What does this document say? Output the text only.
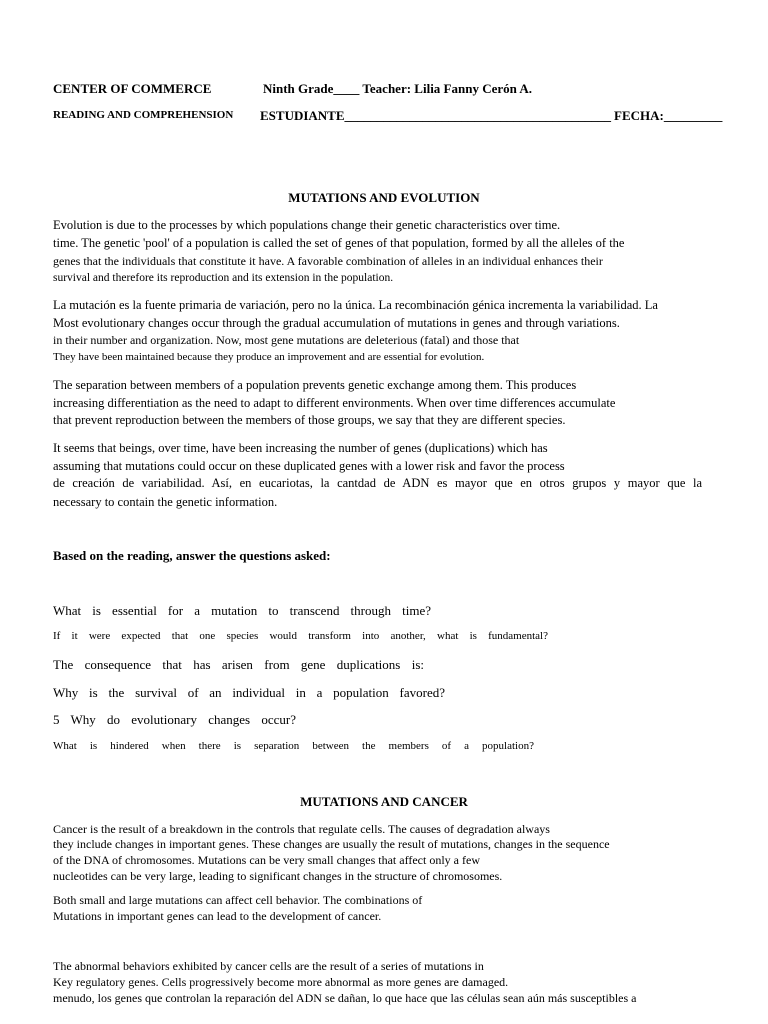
CENTER OF COMMERCE	Ninth Grade____ Teacher: Lilia Fanny Cerón A.
READING AND COMPREHENSION ESTUDIANTE_________________________________________ FECHA:_________
MUTATIONS AND EVOLUTION
Evolution is due to the processes by which populations change their genetic characteristics over time.
time. The genetic 'pool' of a population is called the set of genes of that population, formed by all the alleles of the
genes that the individuals that constitute it have. A favorable combination of alleles in an individual enhances their
survival and therefore its reproduction and its extension in the population.
La mutación es la fuente primaria de variación, pero no la única. La recombinación génica incrementa la variabilidad. La
Most evolutionary changes occur through the gradual accumulation of mutations in genes and through variations.
in their number and organization. Now, most gene mutations are deleterious (fatal) and those that
They have been maintained because they produce an improvement and are essential for evolution.
The separation between members of a population prevents genetic exchange among them. This produces
increasing differentiation as the need to adapt to different environments. When over time differences accumulate
that prevent reproduction between the members of those groups, we say that they are different species.
It seems that beings, over time, have been increasing the number of genes (duplications) which has
assuming that mutations could occur on these duplicated genes with a lower risk and favor the process
de creación de variabilidad. Así, en eucariotas, la cantdad de ADN es mayor que en otros grupos y mayor que la
necessary to contain the genetic information.
Based on the reading, answer the questions asked:
What is essential for a mutation to transcend through time?
If it were expected that one species would transform into another, what is fundamental?
The consequence that has arisen from gene duplications is:
Why is the survival of an individual in a population favored?
5 Why do evolutionary changes occur?
What is hindered when there is separation between the members of a population?
MUTATIONS AND CANCER
Cancer is the result of a breakdown in the controls that regulate cells. The causes of degradation always
they include changes in important genes. These changes are usually the result of mutations, changes in the sequence
of the DNA of chromosomes. Mutations can be very small changes that affect only a few
nucleotides can be very large, leading to significant changes in the structure of chromosomes.
Both small and large mutations can affect cell behavior. The combinations of
Mutations in important genes can lead to the development of cancer.
The abnormal behaviors exhibited by cancer cells are the result of a series of mutations in
Key regulatory genes. Cells progressively become more abnormal as more genes are damaged.
menudo, los genes que controlan la reparación del ADN se dañan, lo que hace que las células sean aún más susceptibles a
